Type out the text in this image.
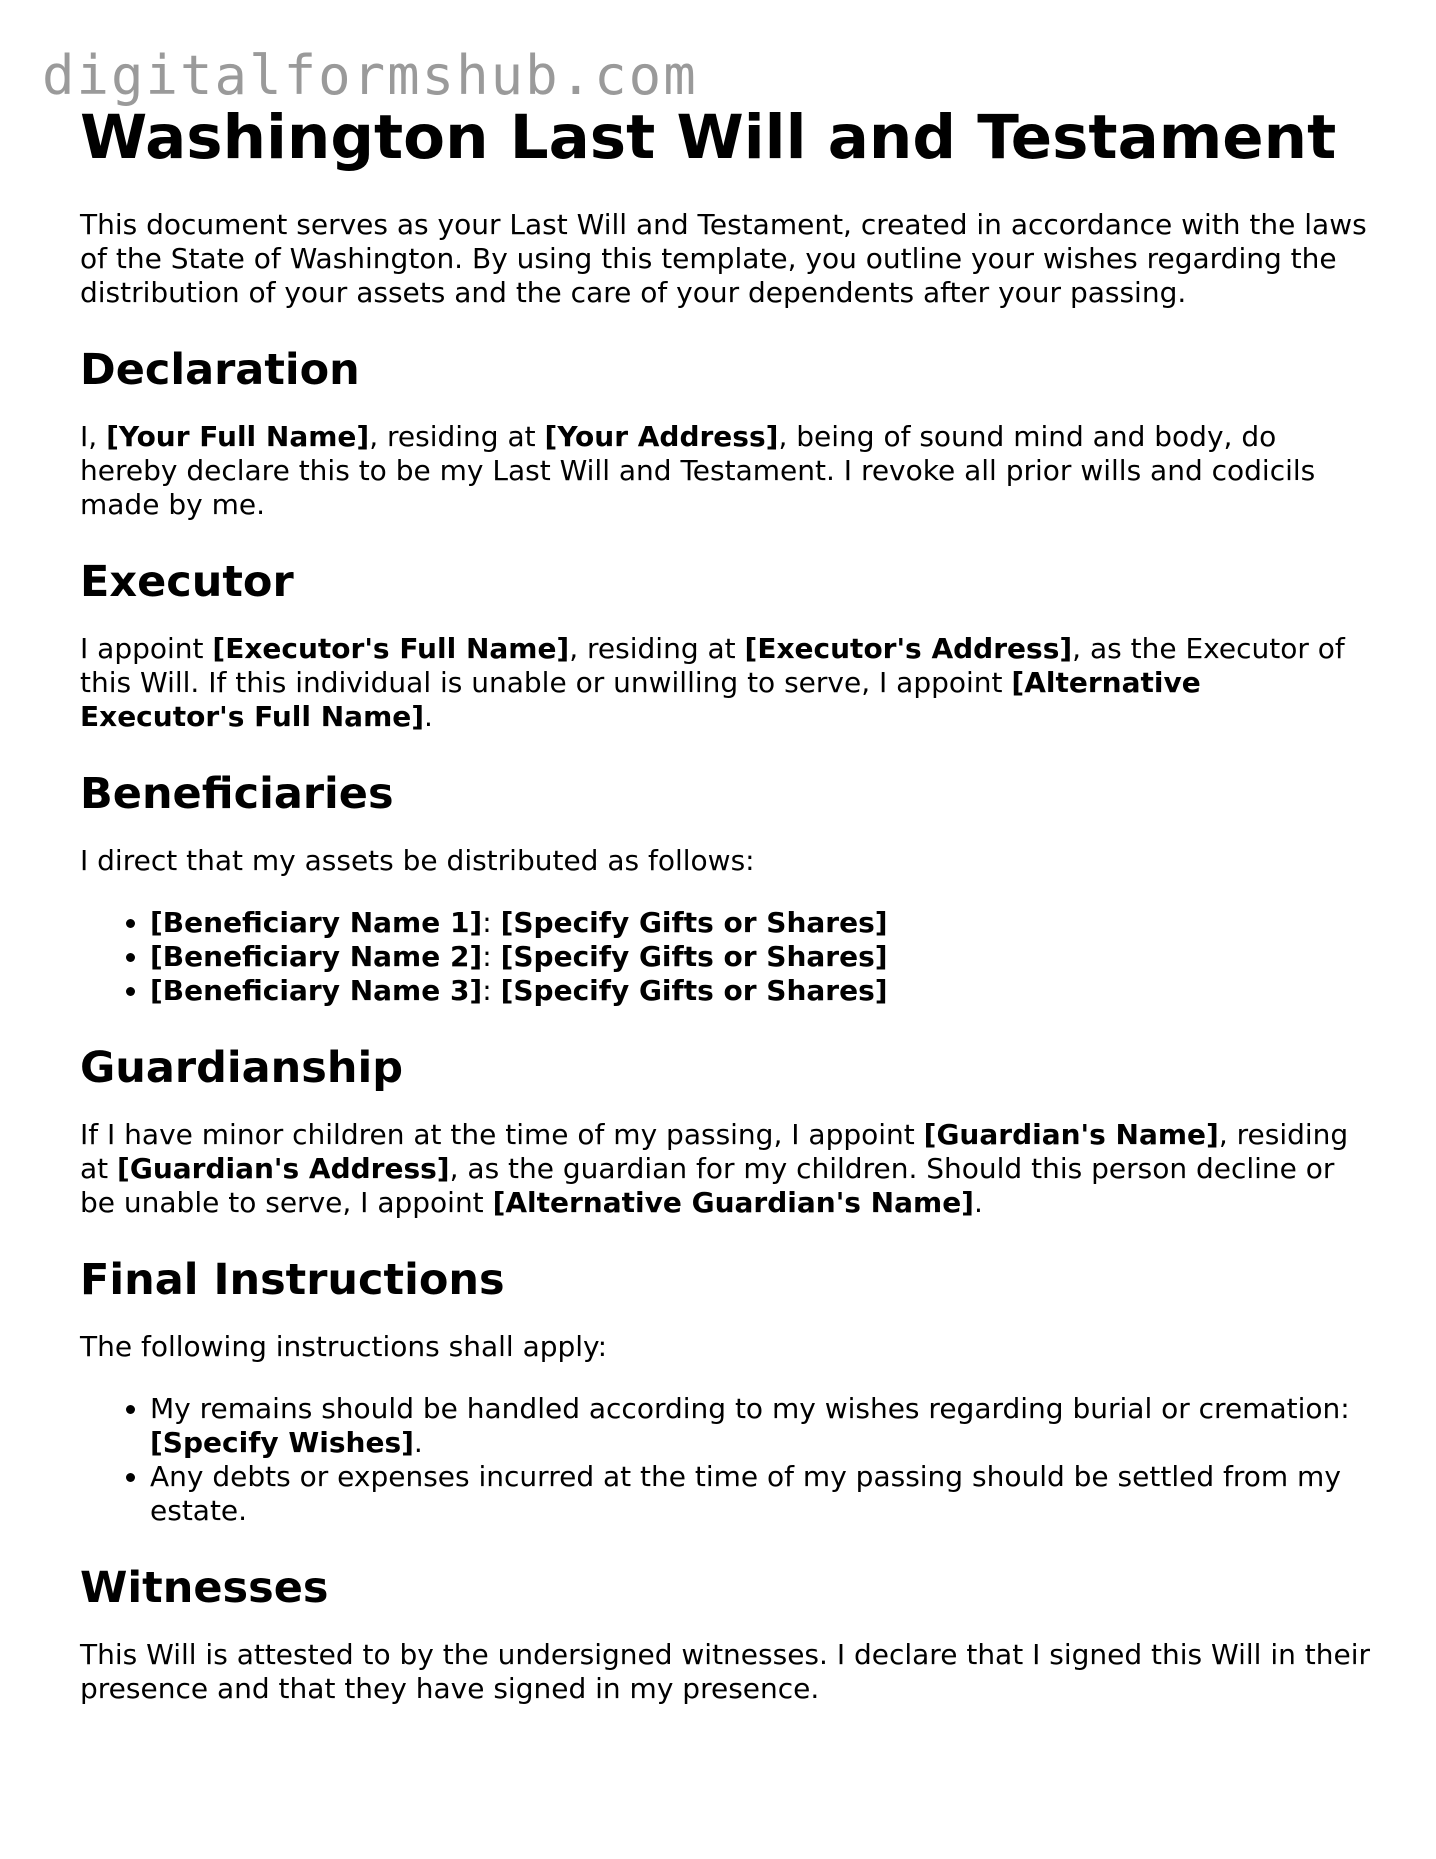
digitalformshub.com
Washington Last Will and Testament

This document serves as your Last Will and Testament, created in accordance with the laws of the State of Washington. By using this template, you outline your wishes regarding the distribution of your assets and the care of your dependents after your passing.

Declaration

I, [Your Full Name], residing at [Your Address], being of sound mind and body, do hereby declare this to be my Last Will and Testament. I revoke all prior wills and codicils made by me.

Executor

I appoint [Executor's Full Name], residing at [Executor's Address], as the Executor of this Will. If this individual is unable or unwilling to serve, I appoint [Alternative Executor's Full Name].

Beneficiaries

I direct that my assets be distributed as follows:

• [Beneficiary Name 1]: [Specify Gifts or Shares]
• [Beneficiary Name 2]: [Specify Gifts or Shares]
• [Beneficiary Name 3]: [Specify Gifts or Shares]
Guardianship

If I have minor children at the time of my passing, I appoint [Guardian's Name], residing at [Guardian's Address], as the guardian for my children. Should this person decline or be unable to serve, I appoint [Alternative Guardian's Name].

Final Instructions

The following instructions shall apply:

• My remains should be handled according to my wishes regarding burial or cremation: [Specify Wishes].
• Any debts or expenses incurred at the time of my passing should be settled from my estate.
Witnesses

This Will is attested to by the undersigned witnesses. I declare that I signed this Will in their presence and that they have signed in my presence.
